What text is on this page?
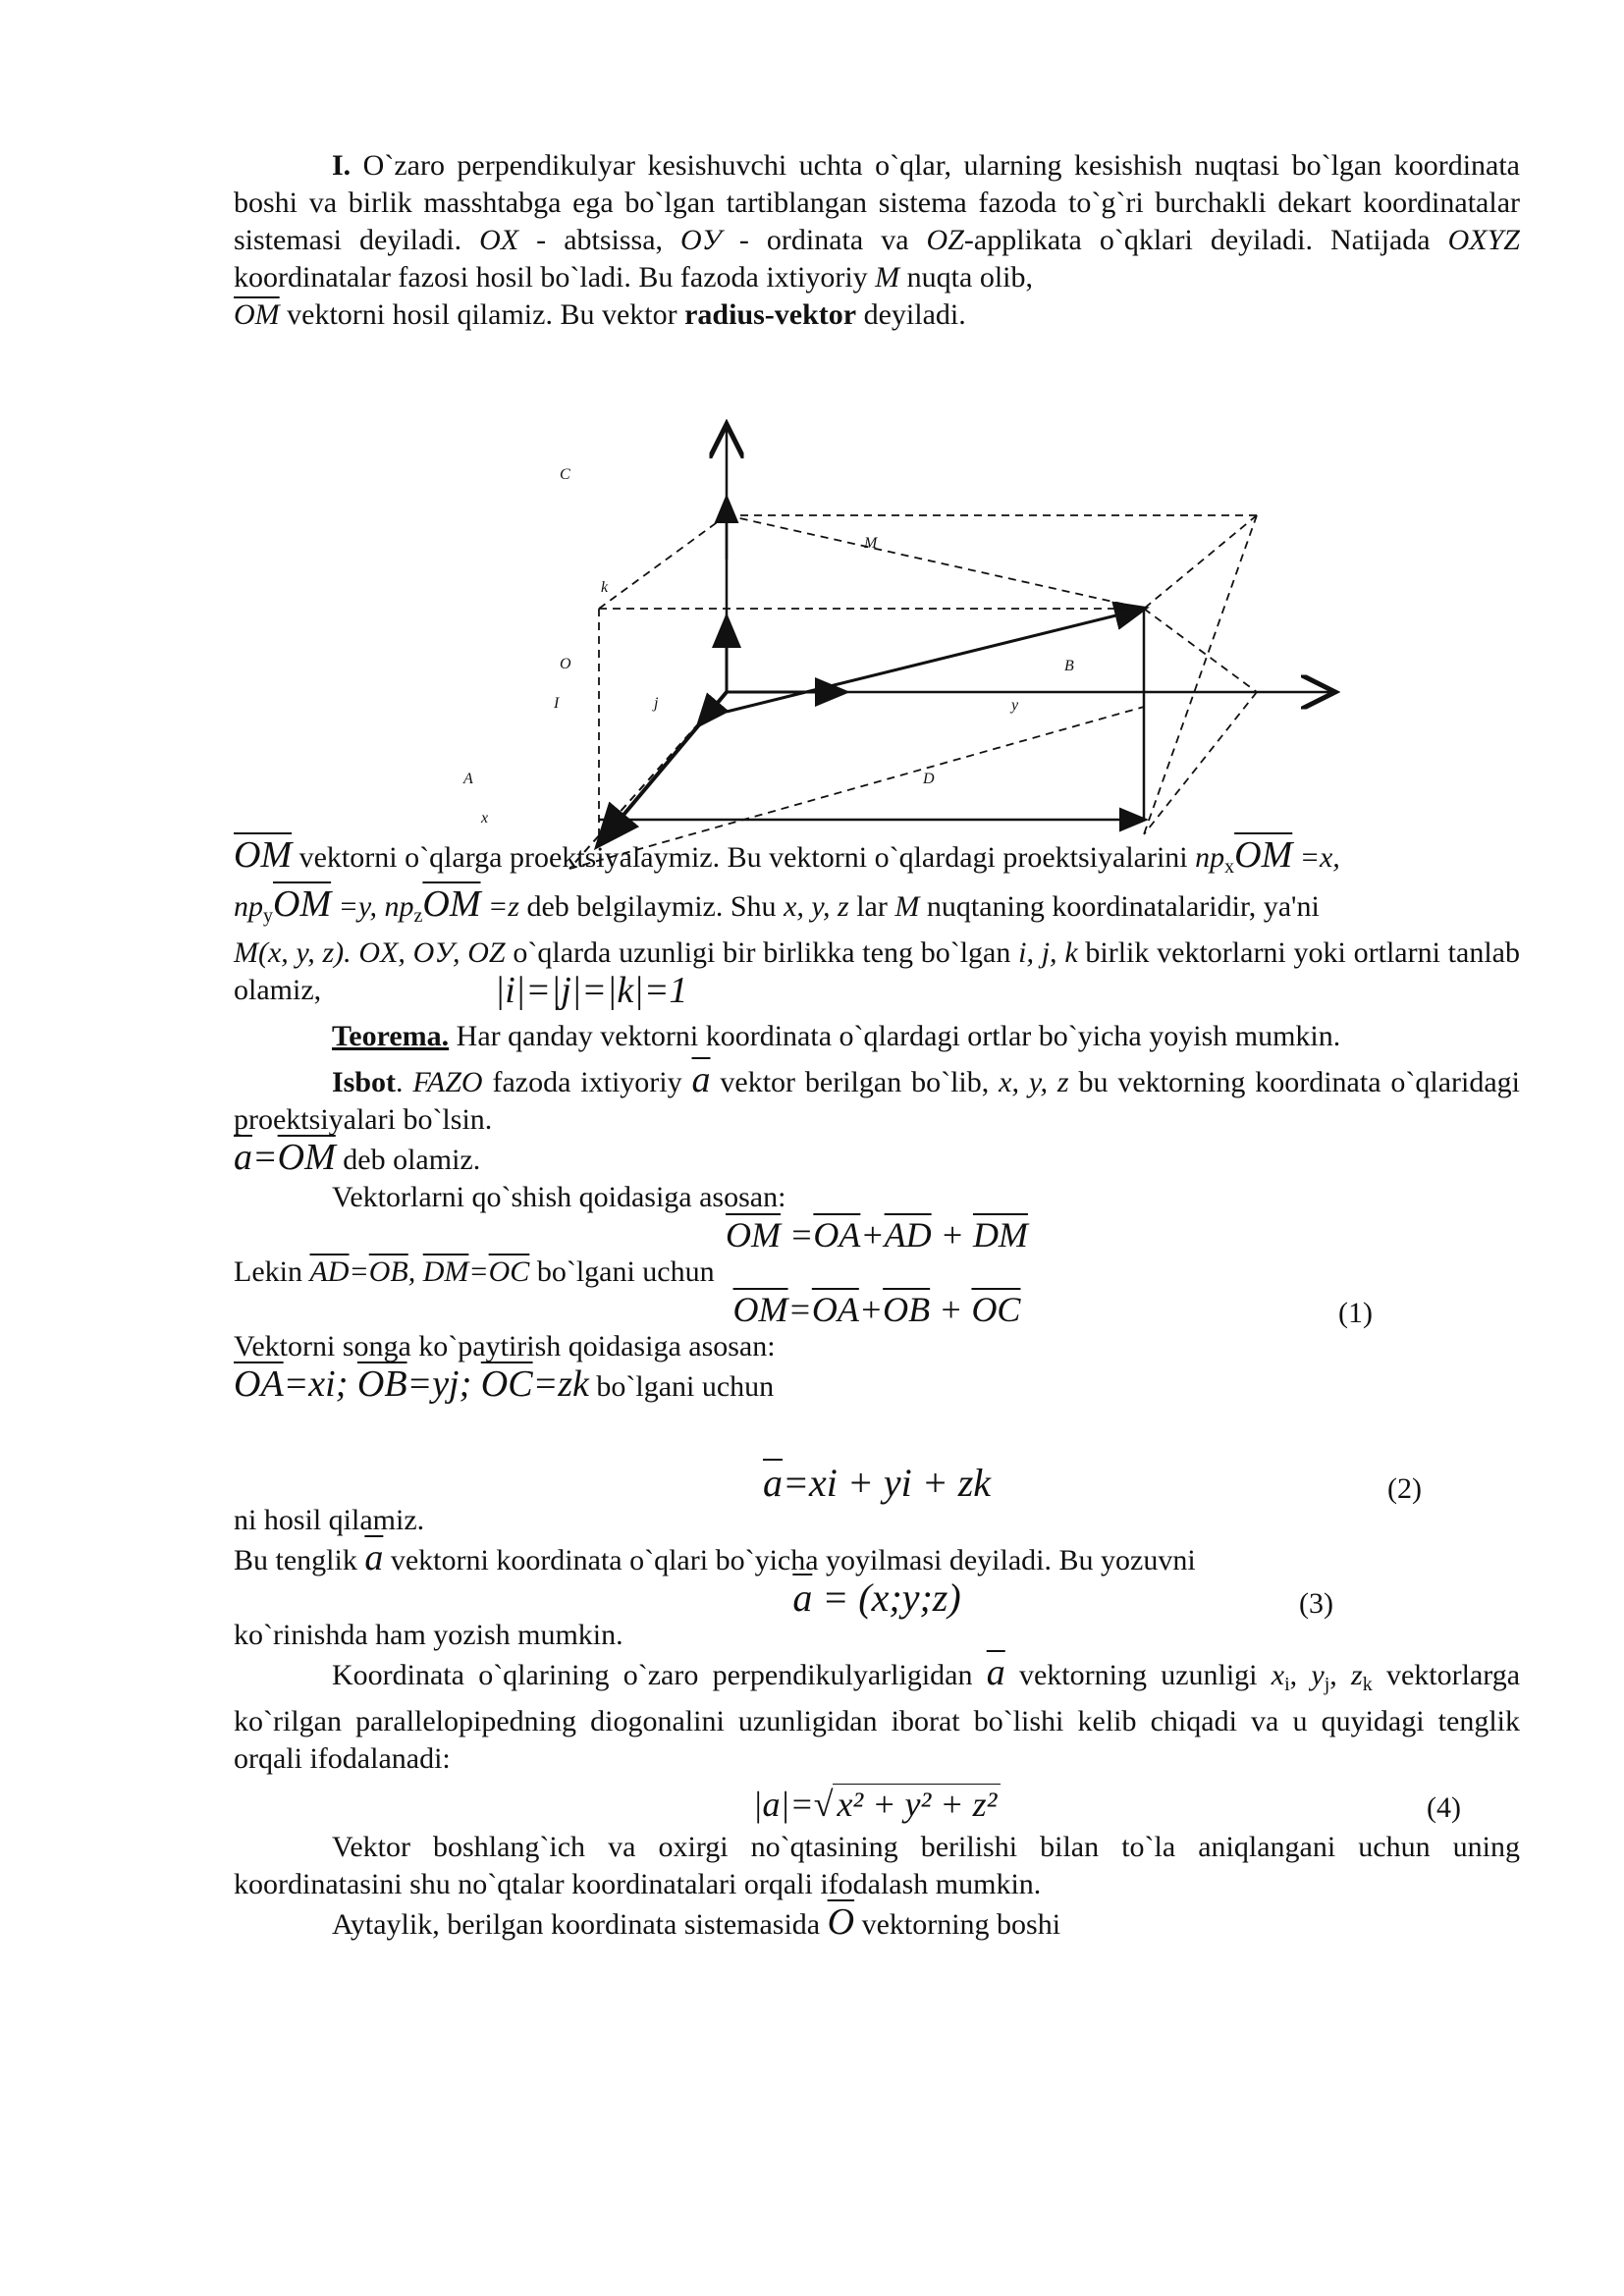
I. O`zaro perpendikulyar kesishuvchi uchta o`qlar, ularning kesishish nuqtasi bo`lgan koordinata boshi va birlik masshtabga ega bo`lgan tartiblangan sistema fazoda to`g`ri burchakli dekart koordinatalar sistemasi deyiladi. OX - abtsissa, OУ - ordinata va OZ-applikata o`qklari deyiladi. Natijada OXYZ koordinatalar fazosi hosil bo`ladi. Bu fazoda ixtiyoriy M nuqta olib,
$\overline{OM}$ vektorni hosil qilamiz. Bu vektor radius-vektor deyiladi.

$\overline{OM}$ vektorni o`qlarga proektsiyalaymiz. Bu vektorni o`qlardagi proektsiyalarini $np_x\overline{OM} =x$,
$np_y\overline{OM} =y$, $np_z\overline{OM} =z$ deb belgilaymiz. Shu x, y, z lar M nuqtaning koordinatalaridir, ya'ni
M(x, y, z). OX, OУ, OZ o`qlarda uzunligi bir birlikka teng bo`lgan i, j, k birlik vektorlarni yoki ortlarni tanlab olamiz,	|i|=|j|=|k|=1

Teorema. Har qanday vektorni koordinata o`qlardagi ortlar bo`yicha yoyish mumkin.

Isbot. FAZO fazoda ixtiyoriy $\overline{a}$ vektor berilgan bo`lib, x, y, z bu vektorning koordinata o`qlaridagi proektsiyalari bo`lsin.

$\overline{a}=\overline{OM}$ deb olamiz.

Vektorlarni qo`shish qoidasiga asosan:

$\overline{OM} =\overline{OA}+\overline{AD} + \overline{DM}$

Lekin $\overline{AD}=\overline{OB}$, $\overline{DM}=\overline{OC}$ bo`lgani uchun

$\overline{OM}=\overline{OA}+\overline{OB} + \overline{OC}$	(1)

Vektorni songa ko`paytirish qoidasiga asosan:

$\overline{OA}=xi$; $\overline{OB}=yj$; $\overline{OC}=zk$ bo`lgani uchun

$\overline{a}=xi$ + yi + zk	(2)

ni hosil qilamiz.

Bu tenglik $\overline{a}$ vektorni koordinata o`qlari bo`yicha yoyilmasi deyiladi. Bu yozuvni

$\overline{a}$ = (x;y;z)	(3)

ko`rinishda ham yozish mumkin.

Koordinata o`qlarining o`zaro perpendikulyarligidan $\overline{a}$ vektorning uzunligi $x_i$, $y_j$, $z_k$ vektorlarga ko`rilgan parallelopipedning diogonalini uzunligidan iborat bo`lishi kelib chiqadi va u quyidagi tenglik orqali ifodalanadi:

|a|=√ x² + y² + z²	(4)

Vektor boshlang`ich va oxirgi no`qtasining berilishi bilan to`la aniqlangani uchun uning koordinatasini shu no`qtalar koordinatalari orqali ifodalash mumkin.

Aytaylik, berilgan koordinata sistemasida $\overline{O}$ vektorning boshi

C
M
k
O
I	j
B
y
A	D
x
